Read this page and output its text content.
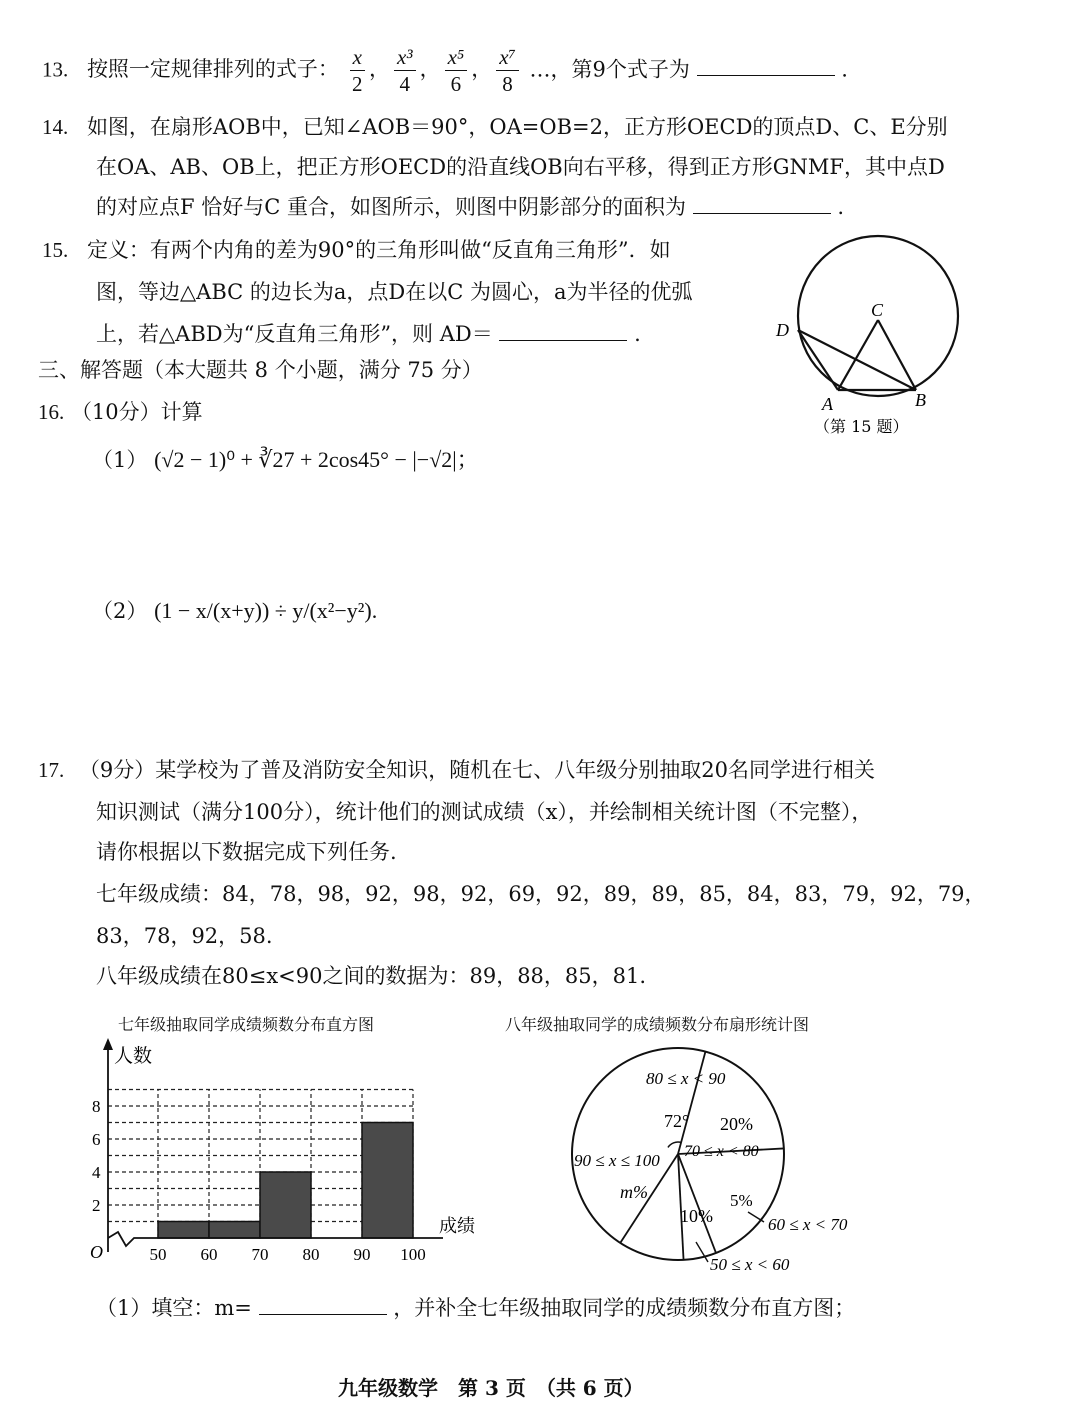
13. 按照一定规律排列的式子： $\frac{x}{2}$ ， $\frac{\text{x³}}{4}$ ， $\frac{\text{x⁵}}{6}$ ， $\frac{\text{x⁷}}{8}$ …，第9个式子为	.
14. 如图，在扇形AOB中，已知∠AOB＝90°，OA=OB=2，正方形OECD的顶点D、C、E分别
在OA、AB、OB上，把正方形OECD的沿直线OB向右平移，得到正方形GNMF，其中点D
的对应点F 恰好与C 重合，如图所示，则图中阴影部分的面积为	.
15. 定义：有两个内角的差为90°的三角形叫做“反直角三角形”．如
图，等边△ABC 的边长为a，点D在以C 为圆心，a为半径的优弧
上，若△ABD为“反直角三角形”，则 AD＝	.
C
D
A	B
（第 15 题）
三、解答题（本大题共 8 个小题，满分 75 分）
16. （10分）计算
（1） (√2 − 1)⁰ + ∛27 + 2cos45° − |−√2|；
（2） (1 − x/(x+y)) ÷ y/(x²−y²).
17. （9分）某学校为了普及消防安全知识，随机在七、八年级分别抽取20名同学进行相关
知识测试（满分100分），统计他们的测试成绩（x），并绘制相关统计图（不完整），
请你根据以下数据完成下列任务.
七年级成绩：84，78，98，92，98，92，69，92，89，89，85，84，83，79，92，79，
83，78，92，58.
八年级成绩在80≤x<90之间的数据为：89，88，85，81.
七年级抽取同学成绩频数分布直方图	八年级抽取同学的成绩频数分布扇形统计图
人数
成绩
O
2
4
6
8
50 60 70 80 90 100
80 ≤ x < 90
72° 20%
70 ≤ x < 80
90 ≤ x ≤ 100
m%	5%
10%	60 ≤ x < 70
50 ≤ x < 60
（1）填空：m=	，并补全七年级抽取同学的成绩频数分布直方图；
九年级数学　第 3 页　（共 6 页）
